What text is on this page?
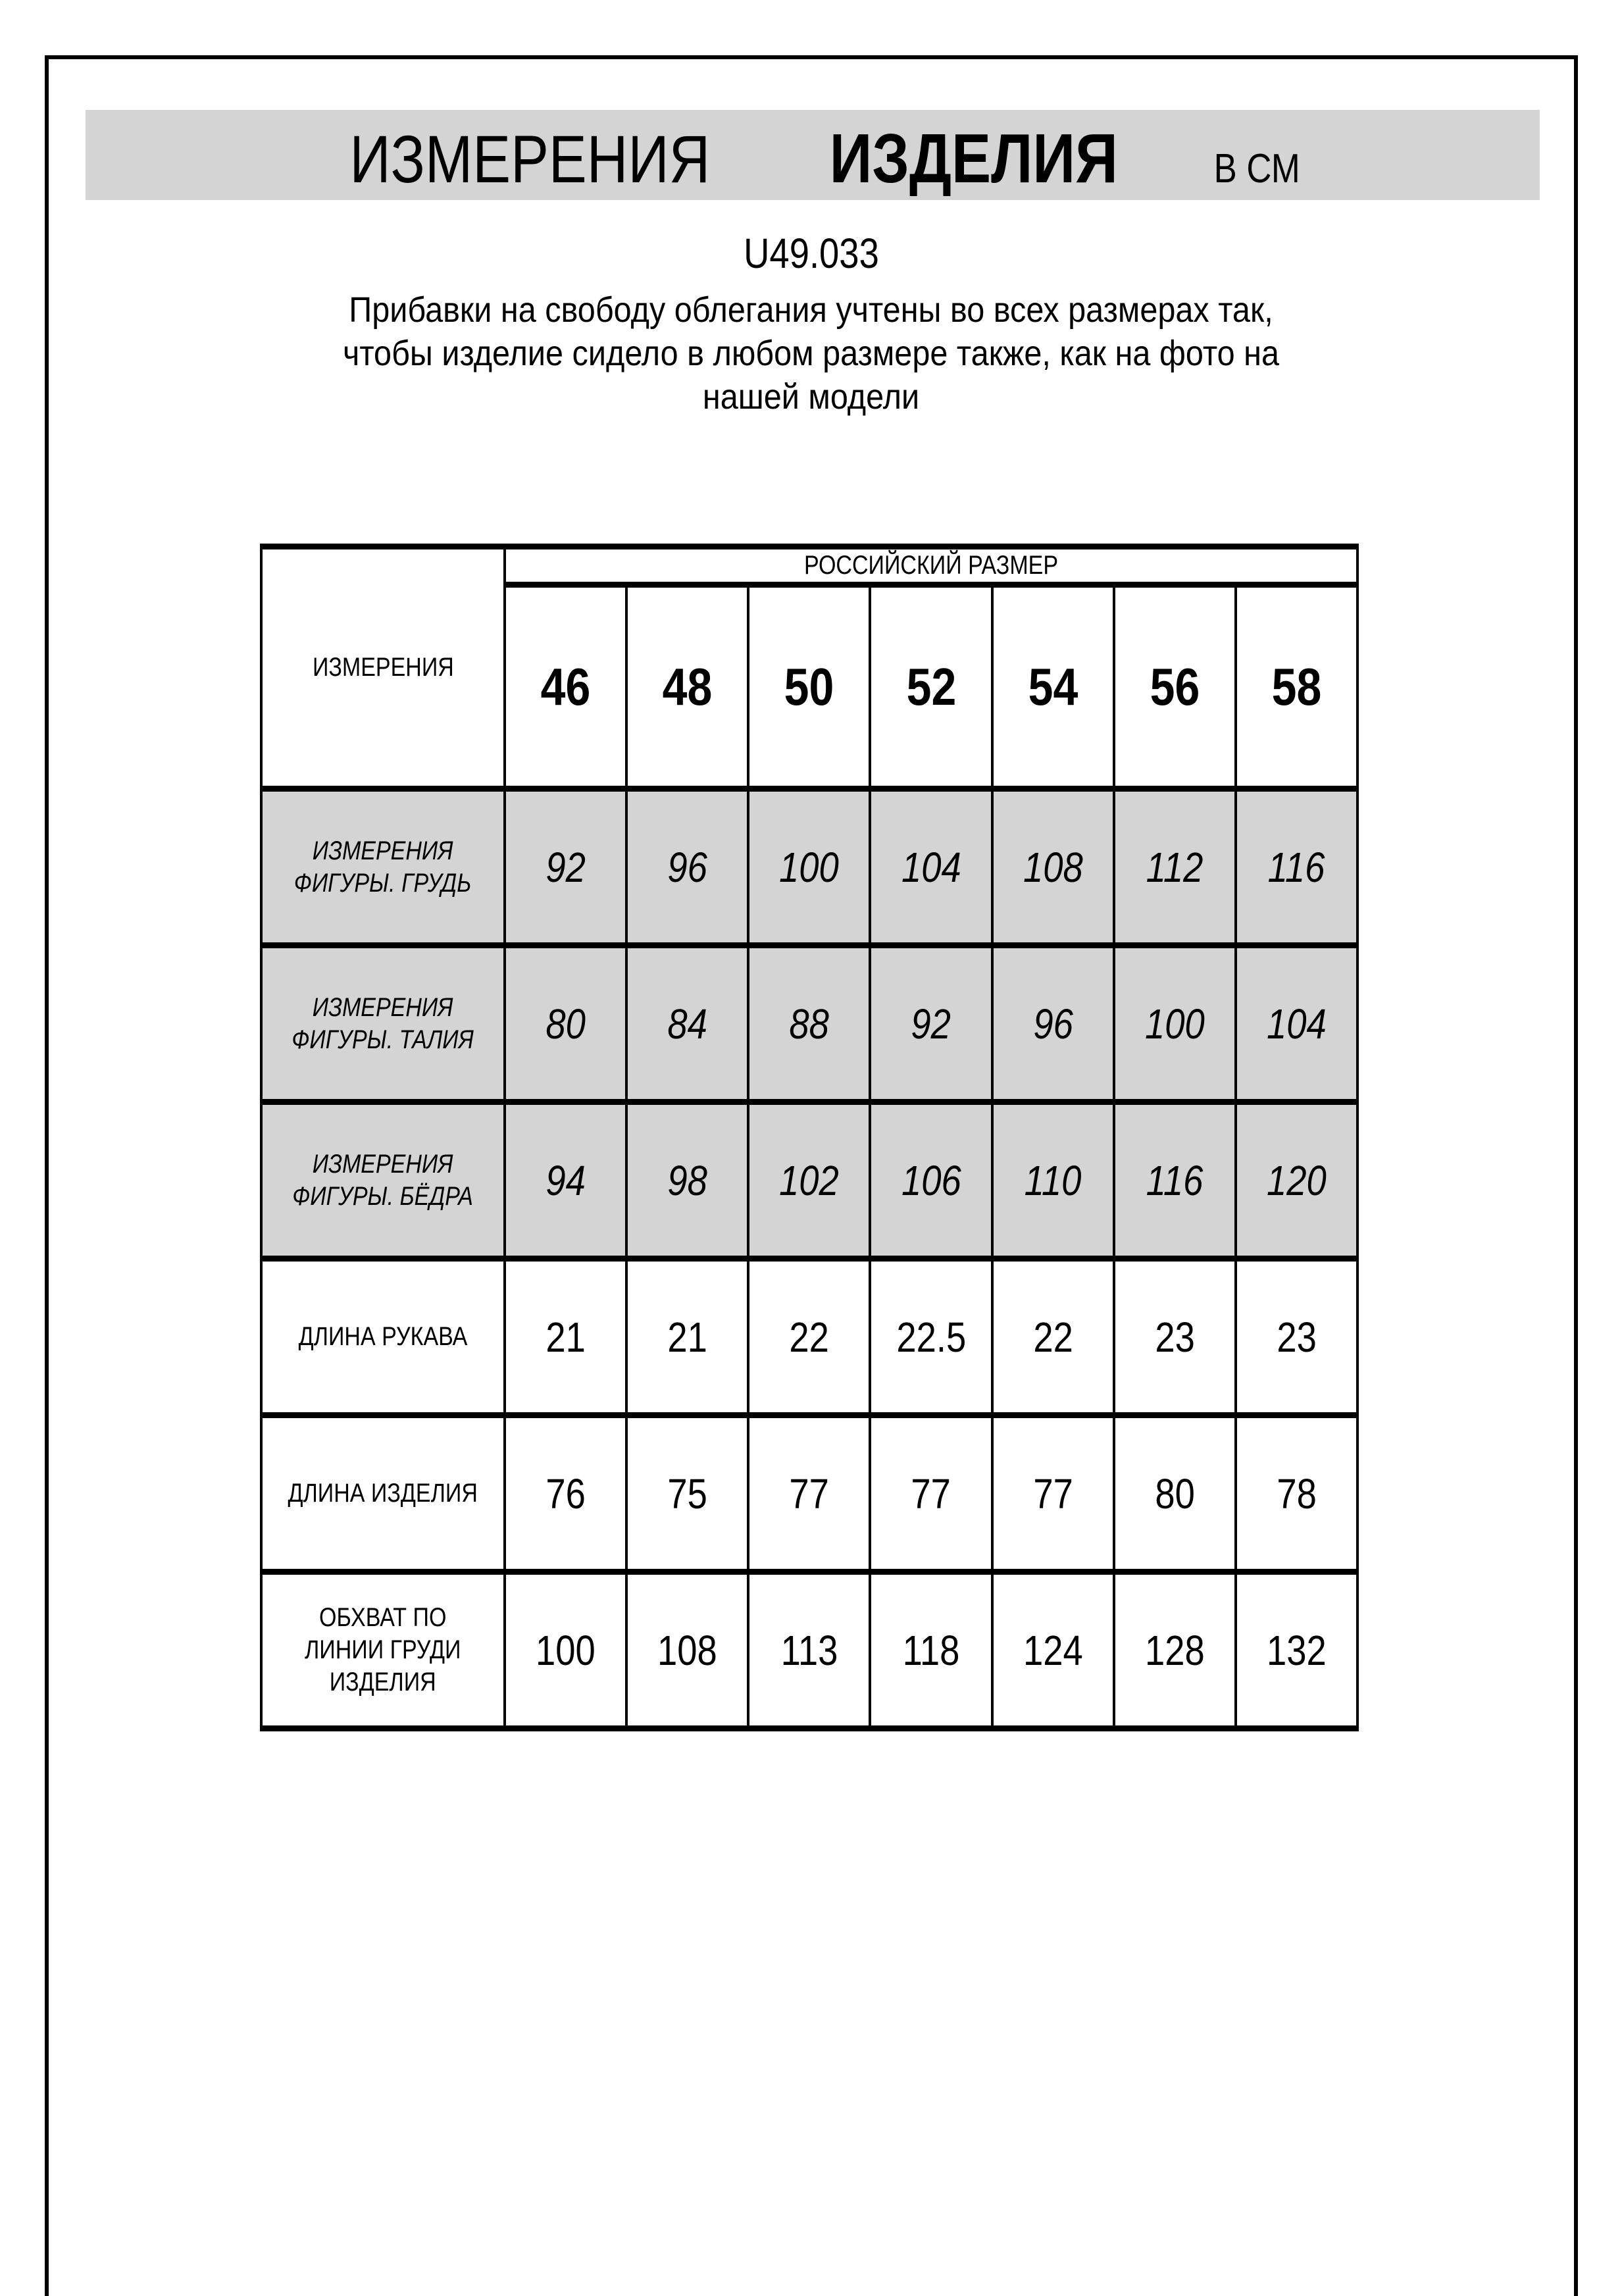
ИЗМЕРЕНИЯ ИЗДЕЛИЯ В СМ
U49.033
Прибавки на свободу облегания учтены во всех размерах так,
чтобы изделие сидело в любом размере также, как на фото на
нашей модели
ИЗМЕРЕНИЯ	РОССИЙСКИЙ РАЗМЕР						
	46	48	50	52	54	56	58

ИЗМЕРЕНИЯ
ФИГУРЫ. ГРУДЬ	92	96	100	104	108	112	116

ИЗМЕРЕНИЯ
ФИГУРЫ. ТАЛИЯ	80	84	88	92	96	100	104

ИЗМЕРЕНИЯ
ФИГУРЫ. БЁДРА	94	98	102	106	110	116	120

ДЛИНА РУКАВА	21	21	22	22.5	22	23	23

ДЛИНА ИЗДЕЛИЯ	76	75	77	77	77	80	78

ОБХВАТ ПО
ЛИНИИ ГРУДИ
ИЗДЕЛИЯ	100	108	113	118	124	128	132
